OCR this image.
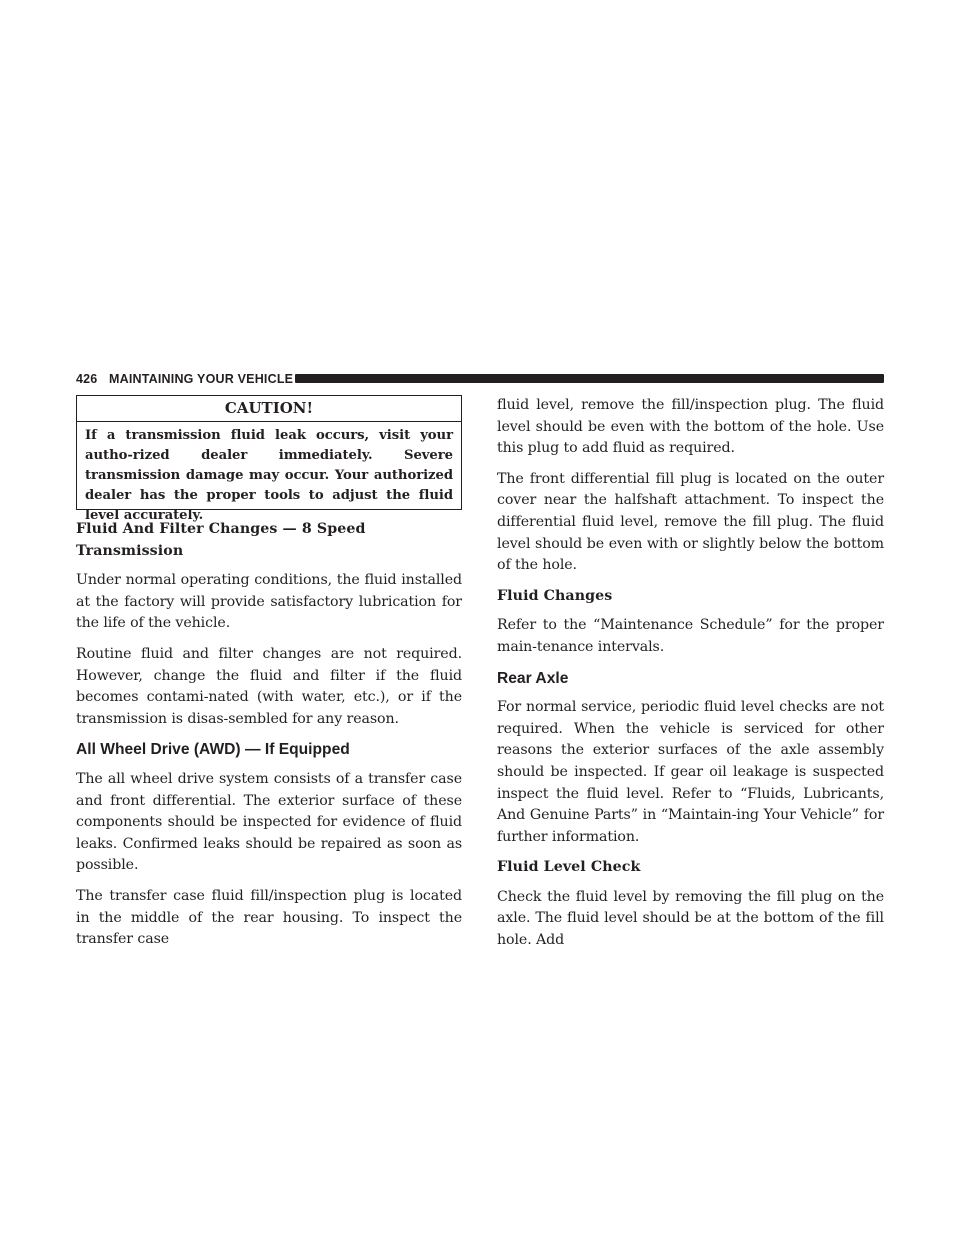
426 MAINTAINING YOUR VEHICLE
CAUTION!
If a transmission fluid leak occurs, visit your autho-rized dealer immediately. Severe transmission damage may occur. Your authorized dealer has the proper tools to adjust the fluid level accurately.
Fluid And Filter Changes — 8 Speed Transmission

Under normal operating conditions, the fluid installed at the factory will provide satisfactory lubrication for the life of the vehicle.

Routine fluid and filter changes are not required. However, change the fluid and filter if the fluid becomes contami-nated (with water, etc.), or if the transmission is disas-sembled for any reason.

All Wheel Drive (AWD) — If Equipped

The all wheel drive system consists of a transfer case and front differential. The exterior surface of these components should be inspected for evidence of fluid leaks. Confirmed leaks should be repaired as soon as possible.

The transfer case fluid fill/inspection plug is located in the middle of the rear housing. To inspect the transfer case

fluid level, remove the fill/inspection plug. The fluid level should be even with the bottom of the hole. Use this plug to add fluid as required.

The front differential fill plug is located on the outer cover near the halfshaft attachment. To inspect the differential fluid level, remove the fill plug. The fluid level should be even with or slightly below the bottom of the hole.

Fluid Changes

Refer to the “Maintenance Schedule” for the proper main-tenance intervals.

Rear Axle

For normal service, periodic fluid level checks are not required. When the vehicle is serviced for other reasons the exterior surfaces of the axle assembly should be inspected. If gear oil leakage is suspected inspect the fluid level. Refer to “Fluids, Lubricants, And Genuine Parts” in “Maintain-ing Your Vehicle” for further information.

Fluid Level Check

Check the fluid level by removing the fill plug on the axle. The fluid level should be at the bottom of the fill hole. Add
